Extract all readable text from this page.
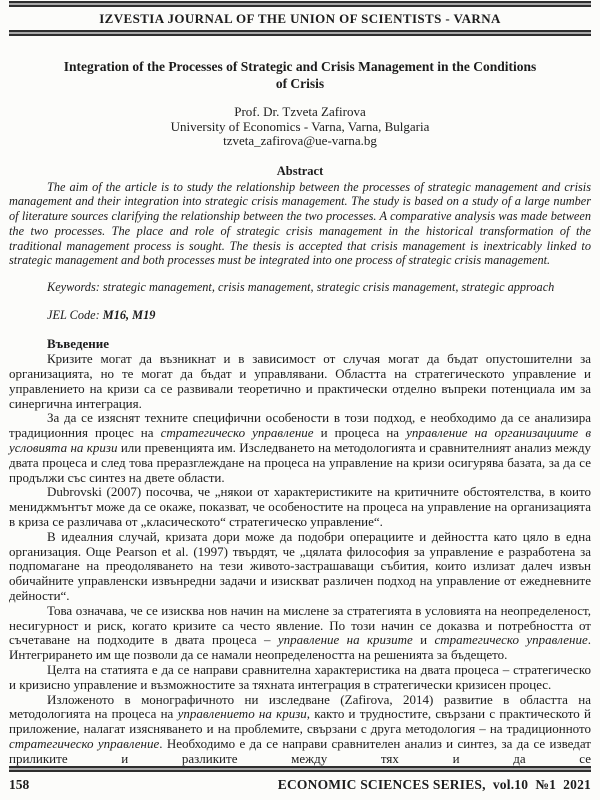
IZVESTIA JOURNAL OF THE UNION OF SCIENTISTS - VARNA
Integration of the Processes of Strategic and Crisis Management in the Conditions of Crisis
Prof. Dr. Tzveta Zafirova
University of Economics - Varna, Varna, Bulgaria
tzveta_zafirova@ue-varna.bg
Abstract
The aim of the article is to study the relationship between the processes of strategic management and crisis management and their integration into strategic crisis management. The study is based on a study of a large number of literature sources clarifying the relationship between the two processes. A comparative analysis was made between the two processes. The place and role of strategic crisis management in the historical transformation of the traditional management process is sought. The thesis is accepted that crisis management is inextricably linked to strategic management and both processes must be integrated into one process of strategic crisis management.
Keywords: strategic management, crisis management, strategic crisis management, strategic approach
JEL Code: M16, M19
Въведение

Кризите могат да възникнат и в зависимост от случая могат да бъдат опустошителни за организацията, но те могат да бъдат и управлявани. Областта на стратегическото управление и управлението на кризи са се развивали теоретично и практически отделно въпреки потенциала им за синергична интеграция.

За да се изяснят техните специфични особености в този подход, е необходимо да се анализира традиционния процес на стратегическо управление и процеса на управление на организациите в условията на кризи или превенцията им. Изследването на методологията и сравнителният анализ между двата процеса и след това преразглеждане на процеса на управление на кризи осигурява базата, за да се продължи със синтез на двете области.

Dubrovski (2007) посочва, че „някои от характеристиките на критичните обстоятелства, в които мениджмънтът може да се окаже, показват, че особеностите на процеса на управление на организацията в криза се различава от „класическото“ стратегическо управление“.

В идеалния случай, кризата дори може да подобри операциите и дейността като цяло в една организация. Още Pearson et al. (1997) твърдят, че „цялата философия за управление е разработена за подпомагане на преодоляването на тези живото-застрашаващи събития, които излизат далеч извън обичайните управленски извънредни задачи и изискват различен подход на управление от ежедневните дейности“.

Това означава, че се изисква нов начин на мислене за стратегията в условията на неопределеност, несигурност и риск, когато кризите са често явление. По този начин се доказва и потребността от съчетаване на подходите в двата процеса – управление на кризите и стратегическо управление. Интегрирането им ще позволи да се намали неопределеността на решенията за бъдещето.

Целта на статията е да се направи сравнителна характеристика на двата процеса – стратегическо и кризисно управление и възможностите за тяхната интеграция в стратегически кризисен процес.

Изложеното в монографичното ни изследване (Zafirova, 2014) развитие в областта на методологията на процеса на управлението на кризи, както и трудностите, свързани с практическото й приложение, налагат изясняването и на проблемите, свързани с друга методология – на традиционното стратегическо управление. Необходимо е да се направи сравнителен анализ и синтез, за да се изведат приликите и разликите между тях и да се

158	ECONOMIC SCIENCES SERIES,  vol.10  №1  2021
